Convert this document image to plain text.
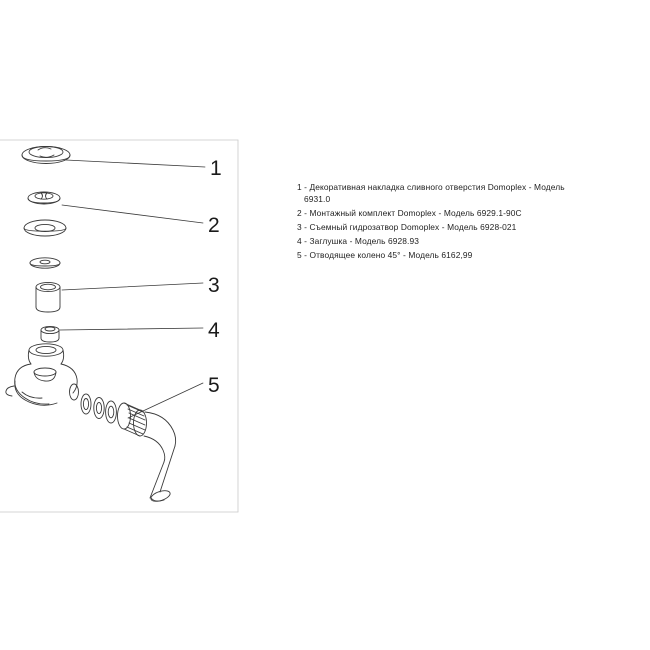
1
2
3
4
5
1 - Декоративная накладка сливного отверстия Domoplex - Модель
6931.0
2 - Монтажный комплект Domoplex - Модель 6929.1-90С
3 - Съемный гидрозатвор Domoplex - Модель 6928-021
4 - Заглушка - Модель 6928.93
5 - Отводящее колено 45° - Модель 6162,99
